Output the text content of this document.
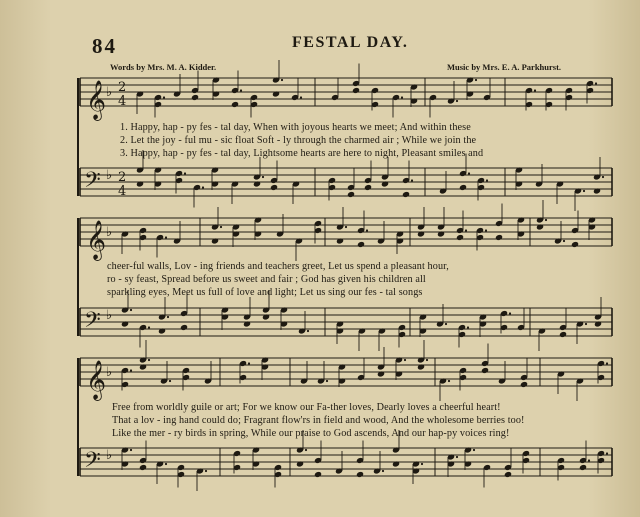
84	FESTAL DAY.
Words by Mrs. M. A. Kidder.	Music by Mrs. E. A. Parkhurst.
𝄞 ♭ 2
4
𝄢 ♭ 2
4
𝄞 ♭
𝄢 ♭
𝄞 ♭
𝄢 ♭
1. Happy, hap - py fes - tal day, When with joyous hearts we meet; And within these
2. Let the joy - ful mu - sic float Soft - ly through the charmed air ; While we join the
3. Happy, hap - py fes - tal day, Lightsome hearts are here to night, Pleasant smiles and
cheer-ful walls, Lov - ing friends and teachers greet, Let us spend a pleasant hour,
ro - sy feast, Spread before us sweet and fair ; God has given his children all
sparkling eyes, Meet us full of love and light; Let us sing our fes - tal songs
Free from worldly guile or art; For we know our Fa-ther loves, Dearly loves a cheerful heart!
That a lov - ing hand could do; Fragrant flow'rs in field and wood, And the wholesome berries too!
Like the mer - ry birds in spring, While our praise to God ascends, And our hap-py voices ring!
